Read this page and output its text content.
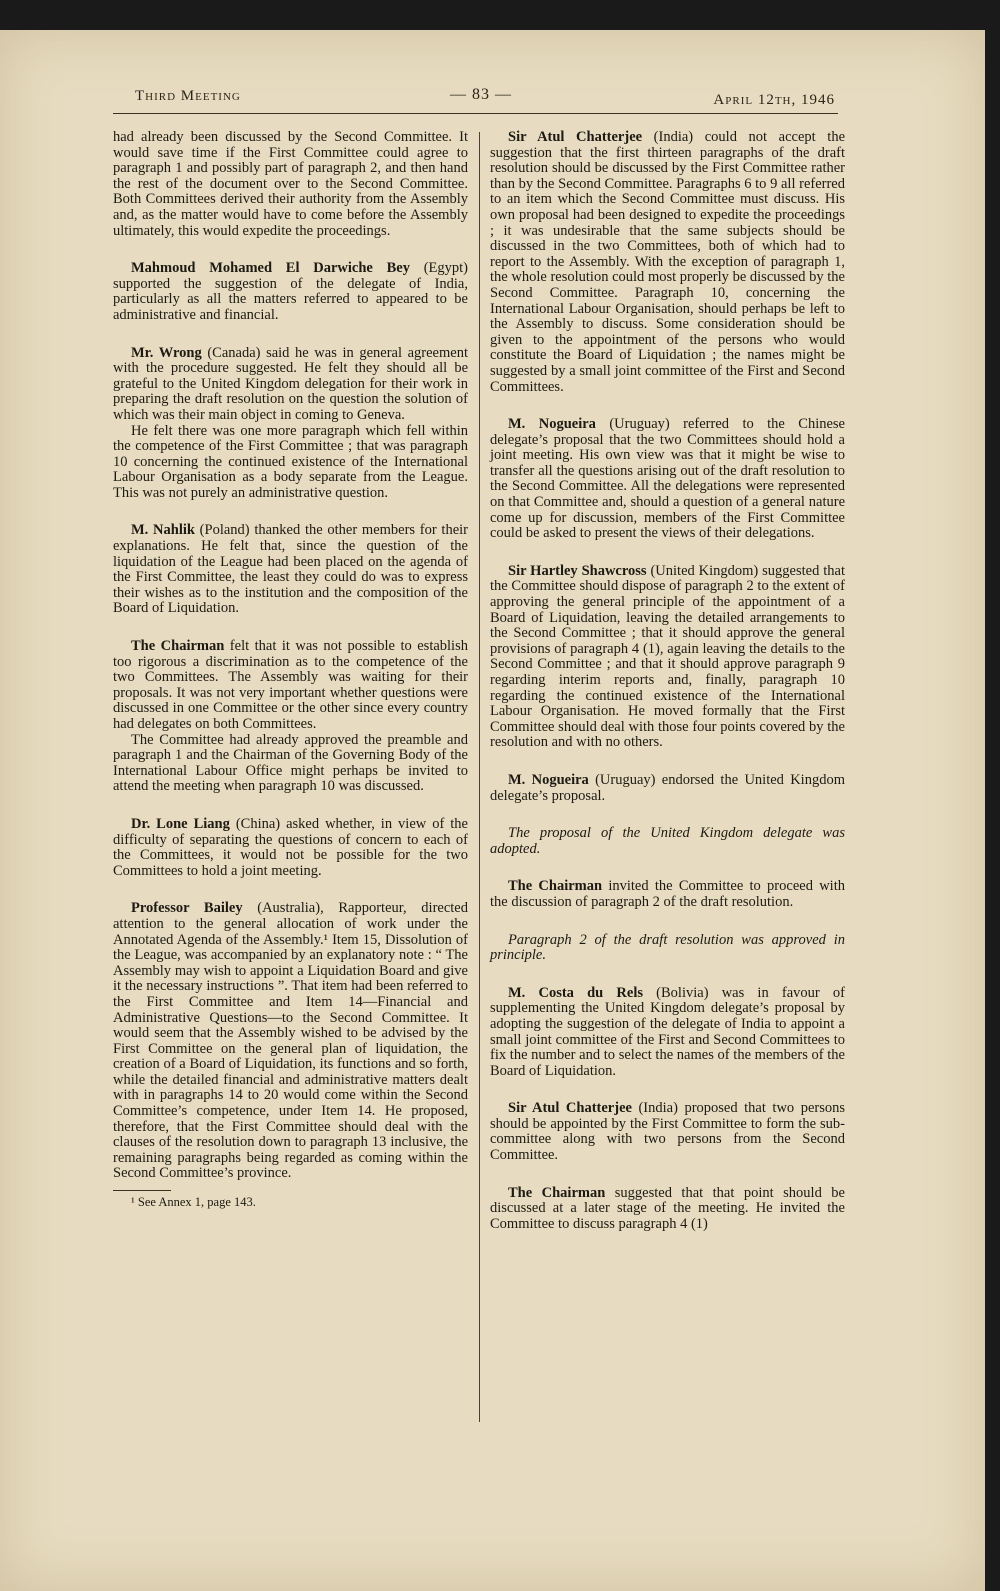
Third Meeting	— 83 —	April 12th, 1946

had already been discussed by the Second Committee. It would save time if the First Committee could agree to paragraph 1 and possibly part of paragraph 2, and then hand the rest of the document over to the Second Committee. Both Committees derived their authority from the Assembly and, as the matter would have to come before the Assembly ultimately, this would expedite the proceedings.

Mahmoud Mohamed El Darwiche Bey (Egypt) supported the suggestion of the delegate of India, particularly as all the matters referred to appeared to be administrative and financial.

Mr. Wrong (Canada) said he was in general agreement with the procedure suggested. He felt they should all be grateful to the United Kingdom delegation for their work in preparing the draft resolution on the question the solution of which was their main object in coming to Geneva.

He felt there was one more paragraph which fell within the competence of the First Committee ; that was paragraph 10 concerning the continued existence of the International Labour Organisation as a body separate from the League. This was not purely an administrative question.

M. Nahlik (Poland) thanked the other members for their explanations. He felt that, since the question of the liquidation of the League had been placed on the agenda of the First Committee, the least they could do was to express their wishes as to the institution and the composition of the Board of Liquidation.

The Chairman felt that it was not possible to establish too rigorous a discrimination as to the competence of the two Committees. The Assembly was waiting for their proposals. It was not very important whether questions were discussed in one Committee or the other since every country had delegates on both Committees.

The Committee had already approved the preamble and paragraph 1 and the Chairman of the Governing Body of the International Labour Office might perhaps be invited to attend the meeting when paragraph 10 was discussed.

Dr. Lone Liang (China) asked whether, in view of the difficulty of separating the questions of concern to each of the Committees, it would not be possible for the two Committees to hold a joint meeting.

Professor Bailey (Australia), Rapporteur, directed attention to the general allocation of work under the Annotated Agenda of the Assembly.¹ Item 15, Dissolution of the League, was accompanied by an explanatory note : “ The Assembly may wish to appoint a Liquidation Board and give it the necessary instructions ”. That item had been referred to the First Committee and Item 14—Financial and Administrative Questions—to the Second Committee. It would seem that the Assembly wished to be advised by the First Committee on the general plan of liquidation, the creation of a Board of Liquidation, its functions and so forth, while the detailed financial and administrative matters dealt with in paragraphs 14 to 20 would come within the Second Committee’s competence, under Item 14. He proposed, therefore, that the First Committee should deal with the clauses of the resolution down to paragraph 13 inclusive, the remaining paragraphs being regarded as coming within the Second Committee’s province.

¹ See Annex 1, page 143.

Sir Atul Chatterjee (India) could not accept the suggestion that the first thirteen paragraphs of the draft resolution should be discussed by the First Committee rather than by the Second Committee. Paragraphs 6 to 9 all referred to an item which the Second Committee must discuss. His own proposal had been designed to expedite the proceedings ; it was undesirable that the same subjects should be discussed in the two Committees, both of which had to report to the Assembly. With the exception of paragraph 1, the whole resolution could most properly be discussed by the Second Committee. Paragraph 10, concerning the International Labour Organisation, should perhaps be left to the Assembly to discuss. Some consideration should be given to the appointment of the persons who would constitute the Board of Liquidation ; the names might be suggested by a small joint committee of the First and Second Committees.

M. Nogueira (Uruguay) referred to the Chinese delegate’s proposal that the two Committees should hold a joint meeting. His own view was that it might be wise to transfer all the questions arising out of the draft resolution to the Second Committee. All the delegations were represented on that Committee and, should a question of a general nature come up for discussion, members of the First Committee could be asked to present the views of their delegations.

Sir Hartley Shawcross (United Kingdom) suggested that the Committee should dispose of paragraph 2 to the extent of approving the general principle of the appointment of a Board of Liquidation, leaving the detailed arrangements to the Second Committee ; that it should approve the general provisions of paragraph 4 (1), again leaving the details to the Second Committee ; and that it should approve paragraph 9 regarding interim reports and, finally, paragraph 10 regarding the continued existence of the International Labour Organisation. He moved formally that the First Committee should deal with those four points covered by the resolution and with no others.

M. Nogueira (Uruguay) endorsed the United Kingdom delegate’s proposal.

The proposal of the United Kingdom delegate was adopted.

The Chairman invited the Committee to proceed with the discussion of paragraph 2 of the draft resolution.

Paragraph 2 of the draft resolution was approved in principle.

M. Costa du Rels (Bolivia) was in favour of supplementing the United Kingdom delegate’s proposal by adopting the suggestion of the delegate of India to appoint a small joint committee of the First and Second Committees to fix the number and to select the names of the members of the Board of Liquidation.

Sir Atul Chatterjee (India) proposed that two persons should be appointed by the First Committee to form the sub-committee along with two persons from the Second Committee.

The Chairman suggested that that point should be discussed at a later stage of the meeting. He invited the Committee to discuss paragraph 4 (1)
